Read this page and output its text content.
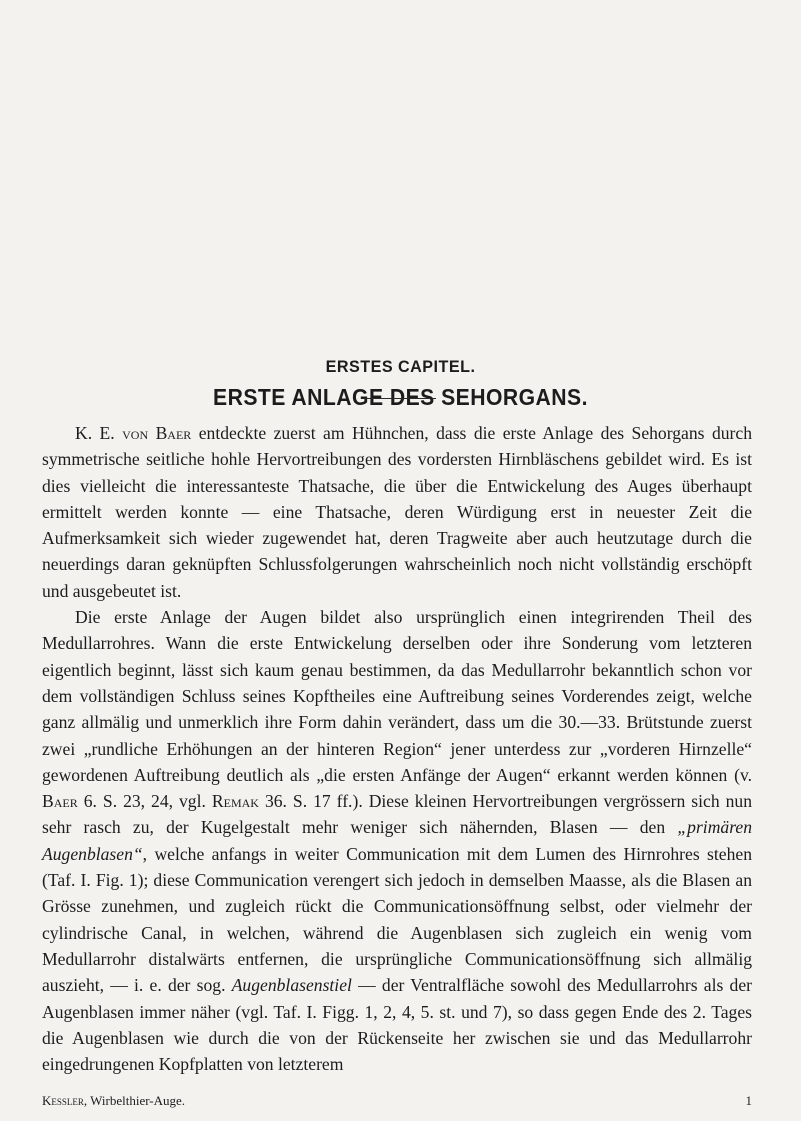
ERSTES CAPITEL.
ERSTE ANLAGE DES SEHORGANS.

K. E. von Baer entdeckte zuerst am Hühnchen, dass die erste Anlage des Sehorgans durch symmetrische seitliche hohle Hervortreibungen des vordersten Hirnbläschens gebildet wird. Es ist dies vielleicht die interessanteste Thatsache, die über die Entwickelung des Auges überhaupt ermittelt werden konnte — eine Thatsache, deren Würdigung erst in neuester Zeit die Aufmerksamkeit sich wieder zugewendet hat, deren Tragweite aber auch heutzutage durch die neuerdings daran geknüpften Schlussfolgerungen wahrscheinlich noch nicht vollständig erschöpft und ausgebeutet ist.

Die erste Anlage der Augen bildet also ursprünglich einen integrirenden Theil des Medullarrohres. Wann die erste Entwickelung derselben oder ihre Sonderung vom letzteren eigentlich beginnt, lässt sich kaum genau bestimmen, da das Medullarrohr bekanntlich schon vor dem vollständigen Schluss seines Kopftheiles eine Auftreibung seines Vorderendes zeigt, welche ganz allmälig und unmerklich ihre Form dahin verändert, dass um die 30.—33. Brütstunde zuerst zwei „rundliche Erhöhungen an der hinteren Region“ jener unterdess zur „vorderen Hirnzelle“ gewordenen Auftreibung deutlich als „die ersten Anfänge der Augen“ erkannt werden können (v. Baer 6. S. 23, 24, vgl. Remak 36. S. 17 ff.). Diese kleinen Hervortreibungen vergrössern sich nun sehr rasch zu, der Kugelgestalt mehr weniger sich nähernden, Blasen — den „primären Augenblasen“, welche anfangs in weiter Communication mit dem Lumen des Hirnrohres stehen (Taf. I. Fig. 1); diese Communication verengert sich jedoch in demselben Maasse, als die Blasen an Grösse zunehmen, und zugleich rückt die Communicationsöffnung selbst, oder vielmehr der cylindrische Canal, in welchen, während die Augenblasen sich zugleich ein wenig vom Medullarrohr distalwärts entfernen, die ursprüngliche Communicationsöffnung sich allmälig auszieht, — i. e. der sog. Augenblasenstiel — der Ventralfläche sowohl des Medullarrohrs als der Augenblasen immer näher (vgl. Taf. I. Figg. 1, 2, 4, 5. st. und 7), so dass gegen Ende des 2. Tages die Augenblasen wie durch die von der Rückenseite her zwischen sie und das Medullarrohr eingedrungenen Kopfplatten von letzterem

Kessler, Wirbelthier-Auge.	1
